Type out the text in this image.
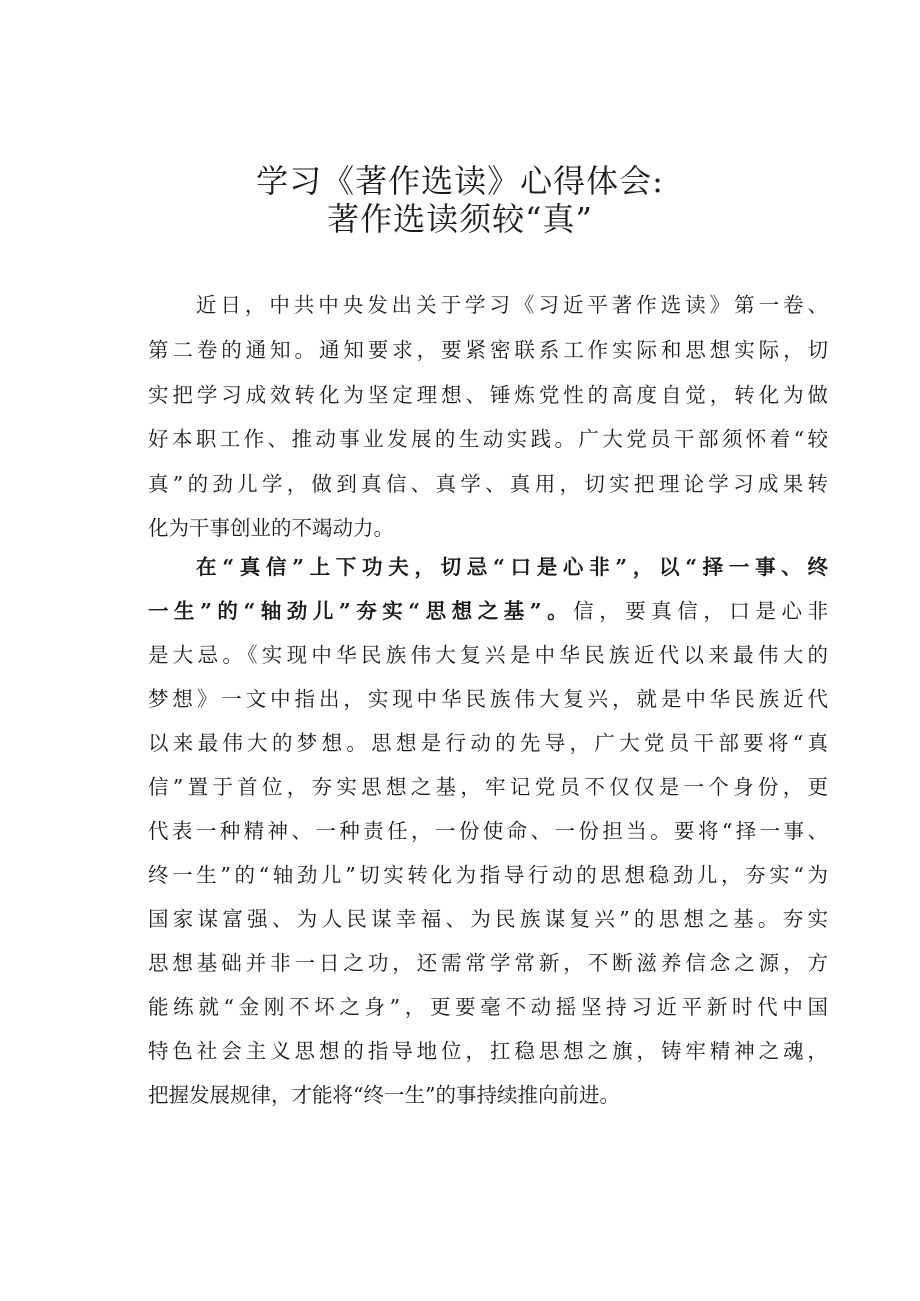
学习《著作选读》心得体会:
著作选读须较“真”
近日，中共中央发出关于学习《习近平著作选读》第一卷、
第二卷的通知。通知要求，要紧密联系工作实际和思想实际，切
实把学习成效转化为坚定理想、锤炼党性的高度自觉，转化为做
好本职工作、推动事业发展的生动实践。广大党员干部须怀着“较
真”的劲儿学，做到真信、真学、真用，切实把理论学习成果转
化为干事创业的不竭动力。
在“真信”上下功夫，切忌“口是心非”，以“择一事、终
一生”的“轴劲儿”夯实“思想之基”。信，要真信，口是心非
是大忌。《实现中华民族伟大复兴是中华民族近代以来最伟大的
梦想》一文中指出，实现中华民族伟大复兴，就是中华民族近代
以来最伟大的梦想。思想是行动的先导，广大党员干部要将“真
信”置于首位，夯实思想之基，牢记党员不仅仅是一个身份，更
代表一种精神、一种责任，一份使命、一份担当。要将“择一事、
终一生”的“轴劲儿”切实转化为指导行动的思想稳劲儿，夯实“为
国家谋富强、为人民谋幸福、为民族谋复兴”的思想之基。夯实
思想基础并非一日之功，还需常学常新，不断滋养信念之源，方
能练就“金刚不坏之身”，更要毫不动摇坚持习近平新时代中国
特色社会主义思想的指导地位，扛稳思想之旗，铸牢精神之魂，
把握发展规律，才能将“终一生”的事持续推向前进。
